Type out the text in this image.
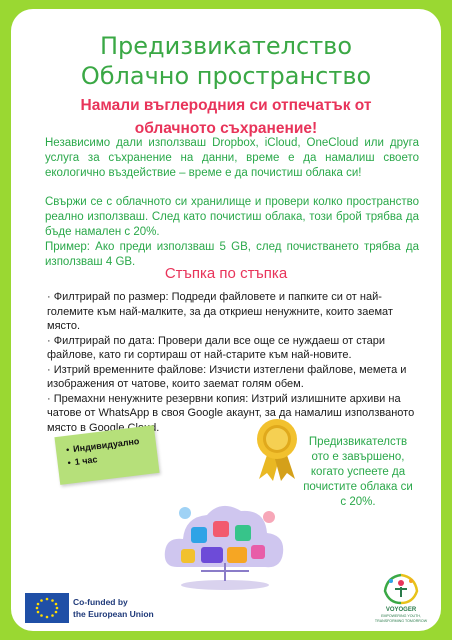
Предизвикателство
Облачно пространство
Намали въглеродния си отпечатък от
облачното съхранение!
Независимо дали използваш Dropbox, iCloud, OneCloud или друга услуга за съхранение на данни, време е да намалиш своето екологично въздействие – време е да почистиш облака си!
Свържи се с облачното си хранилище и провери колко пространство реално използваш. След като почистиш облака, този брой трябва да бъде намален с 20%.
Пример: Ако преди използваш 5 GB, след почистването трябва да използваш 4 GB.
Стъпка по стъпка

· Филтрирай по размер: Подреди файловете и папките си от най-големите към най-малките, за да откриеш ненужните, които заемат място.

· Филтрирай по дата: Провери дали все още се нуждаеш от стари файлове, като ги сортираш от най-старите към най-новите.

· Изтрий временните файлове: Изчисти изтеглени файлове, мемета и изображения от чатове, които заемат голям обем.

· Премахни ненужните резервни копия: Изтрий излишните архиви на чатове от WhatsApp в своя Google акаунт, за да намалиш използваното място в Google Cloud.

• Индивидуално
• 1 час
Предизвикателств ото е завършено, когато успеете да почистите облака си с 20%.
Co-funded by
the European Union	VOYOGER
EMPOWERING YOUTH, TRANSFORMING TOMORROW
